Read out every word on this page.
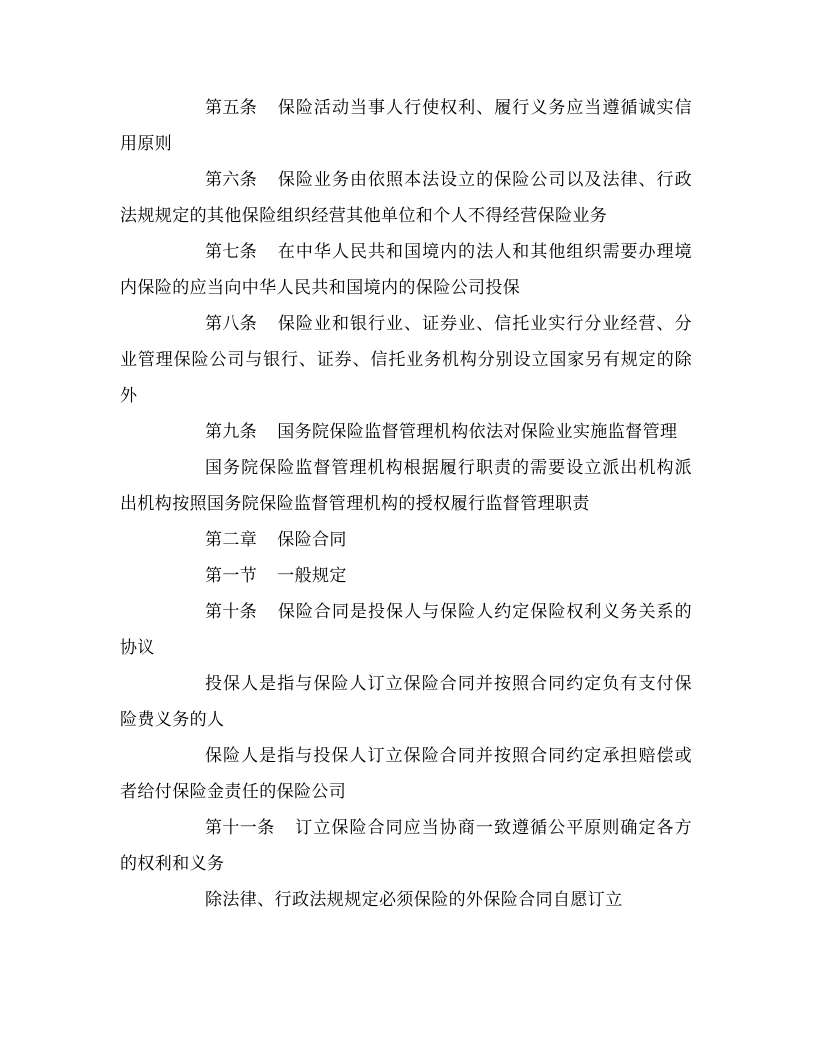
第五条 保险活动当事人行使权利、履行义务应当遵循诚实信用原则

第六条 保险业务由依照本法设立的保险公司以及法律、行政法规规定的其他保险组织经营其他单位和个人不得经营保险业务

第七条 在中华人民共和国境内的法人和其他组织需要办理境内保险的应当向中华人民共和国境内的保险公司投保

第八条 保险业和银行业、证券业、信托业实行分业经营、分业管理保险公司与银行、证券、信托业务机构分别设立国家另有规定的除外

第九条 国务院保险监督管理机构依法对保险业实施监督管理

国务院保险监督管理机构根据履行职责的需要设立派出机构派出机构按照国务院保险监督管理机构的授权履行监督管理职责

第二章 保险合同

第一节 一般规定

第十条 保险合同是投保人与保险人约定保险权利义务关系的协议

投保人是指与保险人订立保险合同并按照合同约定负有支付保险费义务的人

保险人是指与投保人订立保险合同并按照合同约定承担赔偿或者给付保险金责任的保险公司

第十一条 订立保险合同应当协商一致遵循公平原则确定各方的权利和义务

除法律、行政法规规定必须保险的外保险合同自愿订立
